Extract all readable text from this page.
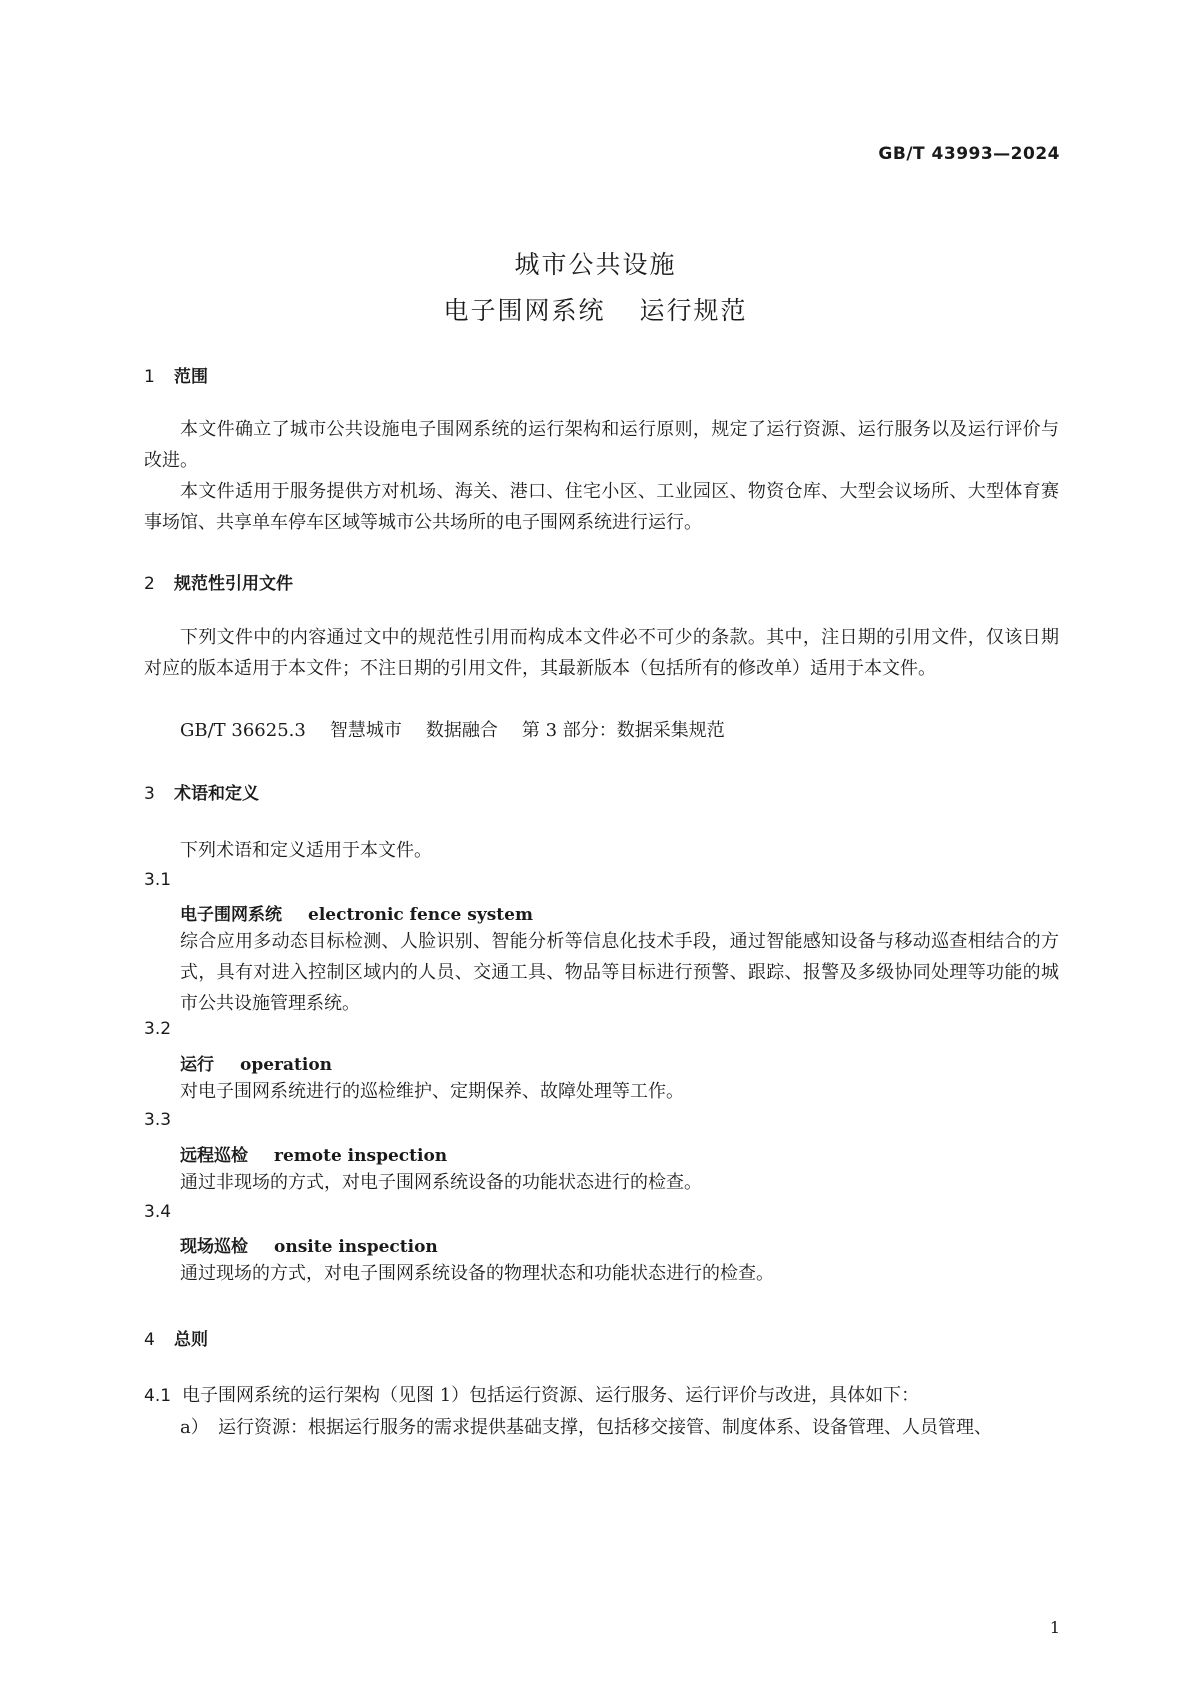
GB/T 43993—2024
城市公共设施
电子围网系统 运行规范
1 范围
本文件确立了城市公共设施电子围网系统的运行架构和运行原则，规定了运行资源、运行服务以及运行评价与改进。
本文件适用于服务提供方对机场、海关、港口、住宅小区、工业园区、物资仓库、大型会议场所、大型体育赛事场馆、共享单车停车区域等城市公共场所的电子围网系统进行运行。
2 规范性引用文件
下列文件中的内容通过文中的规范性引用而构成本文件必不可少的条款。其中，注日期的引用文件，仅该日期对应的版本适用于本文件；不注日期的引用文件，其最新版本（包括所有的修改单）适用于本文件。
GB/T 36625.3 智慧城市 数据融合 第 3 部分：数据采集规范
3 术语和定义
下列术语和定义适用于本文件。
3.1
电子围网系统 electronic fence system
综合应用多动态目标检测、人脸识别、智能分析等信息化技术手段，通过智能感知设备与移动巡查相结合的方式，具有对进入控制区域内的人员、交通工具、物品等目标进行预警、跟踪、报警及多级协同处理等功能的城市公共设施管理系统。
3.2
运行 operation
对电子围网系统进行的巡检维护、定期保养、故障处理等工作。
3.3
远程巡检 remote inspection
通过非现场的方式，对电子围网系统设备的功能状态进行的检查。
3.4
现场巡检 onsite inspection
通过现场的方式，对电子围网系统设备的物理状态和功能状态进行的检查。
4 总则
4.1 电子围网系统的运行架构（见图 1）包括运行资源、运行服务、运行评价与改进，具体如下：
a） 运行资源：根据运行服务的需求提供基础支撑，包括移交接管、制度体系、设备管理、人员管理、
1
